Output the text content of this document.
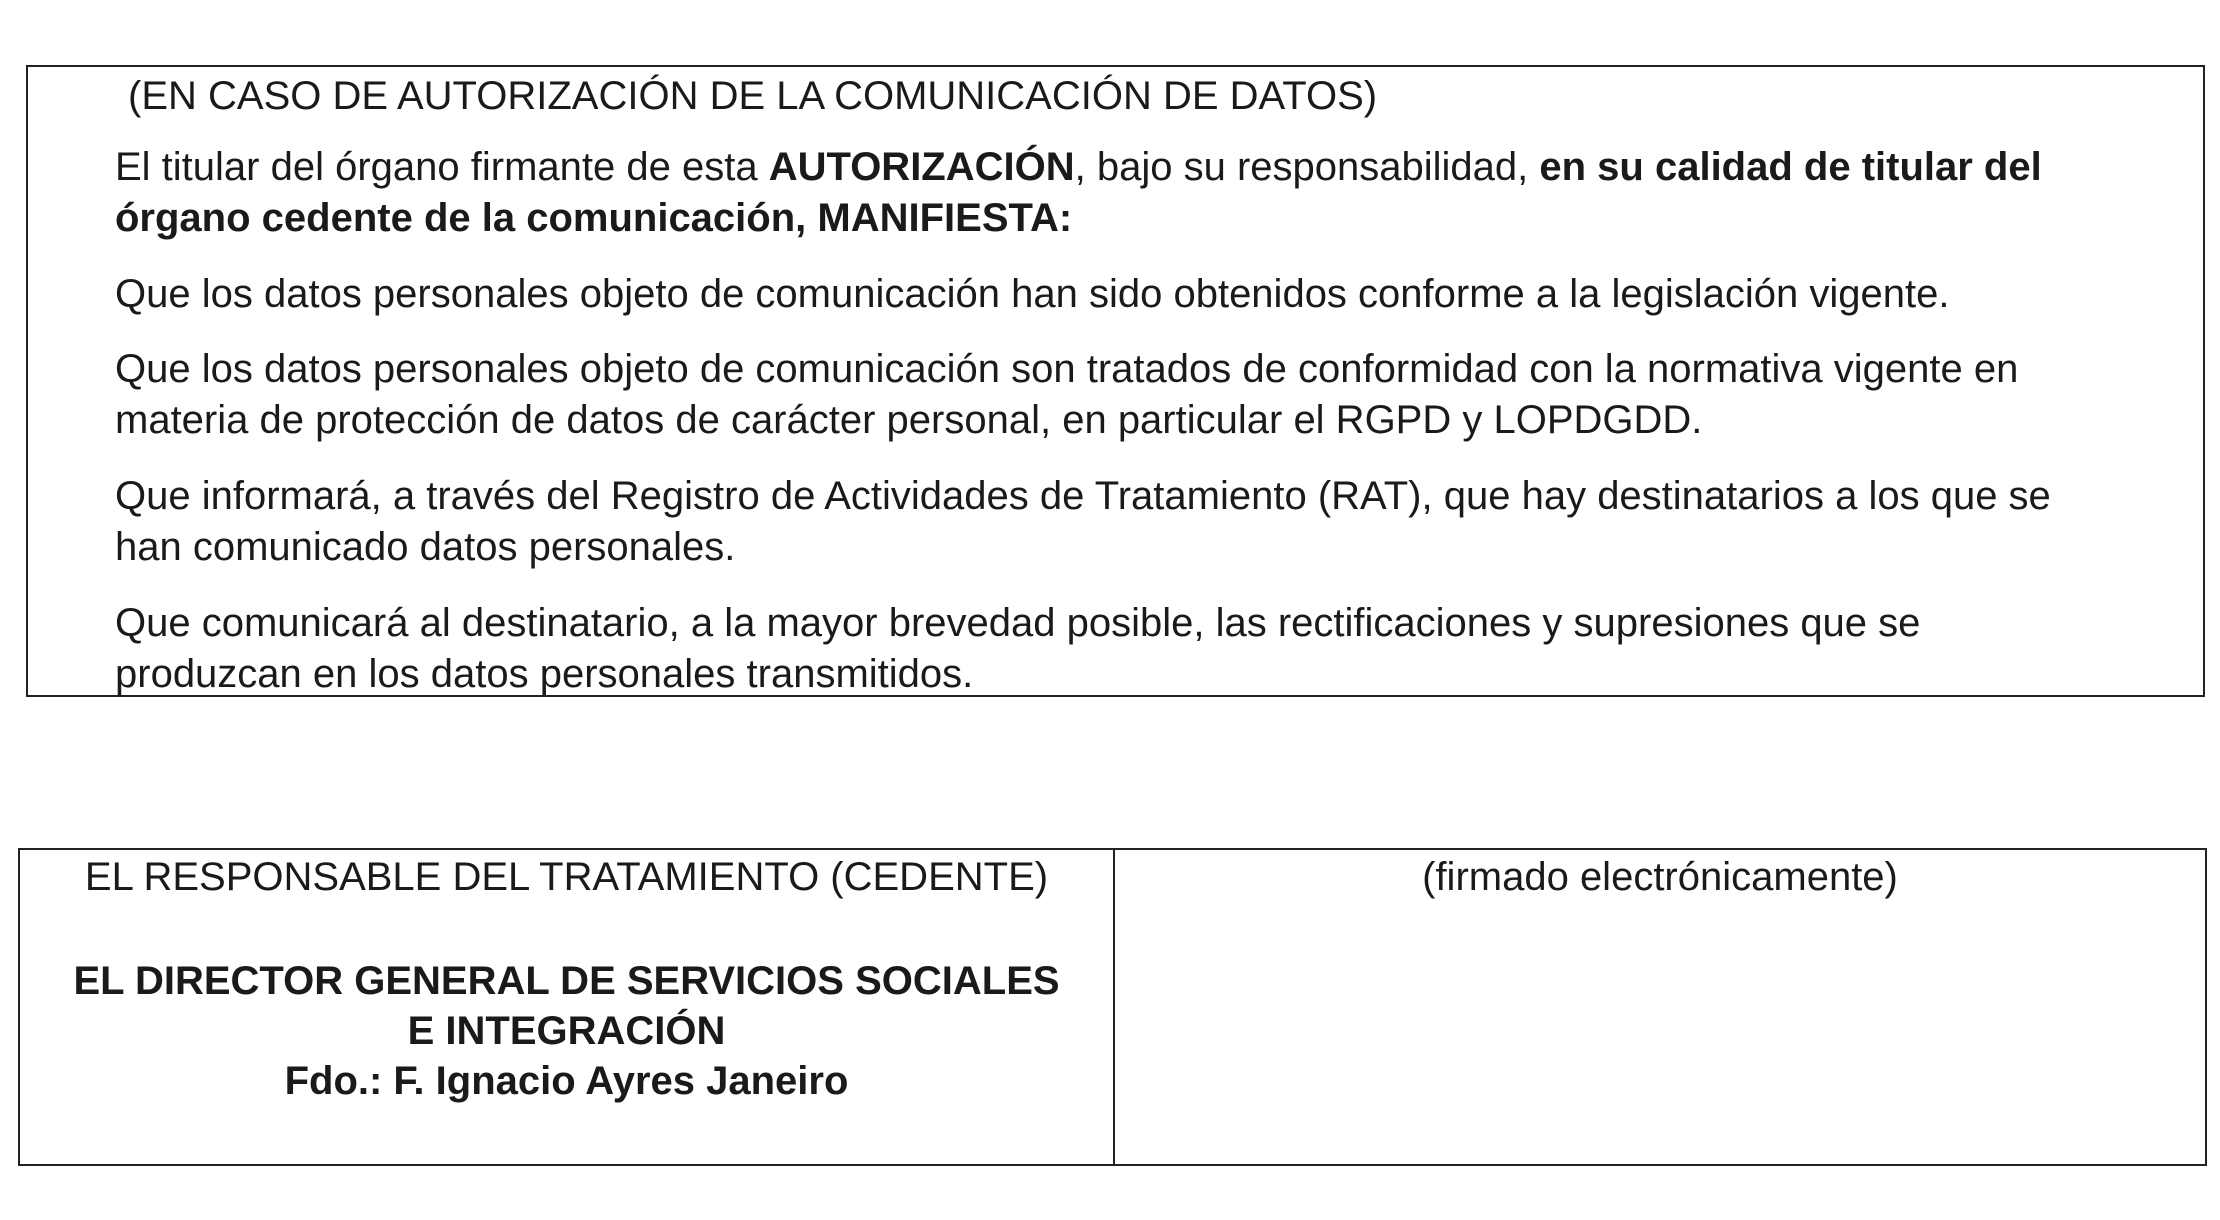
(EN CASO DE AUTORIZACIÓN DE LA COMUNICACIÓN DE DATOS)

El titular del órgano firmante de esta AUTORIZACIÓN, bajo su responsabilidad, en su calidad de titular del órgano cedente de la comunicación, MANIFIESTA:

Que los datos personales objeto de comunicación han sido obtenidos conforme a la legislación vigente.

Que los datos personales objeto de comunicación son tratados de conformidad con la normativa vigente en materia de protección de datos de carácter personal, en particular el RGPD y LOPDGDD.

Que informará, a través del Registro de Actividades de Tratamiento (RAT), que hay destinatarios a los que se han comunicado datos personales.

Que comunicará al destinatario, a la mayor brevedad posible, las rectificaciones y supresiones que se produzcan en los datos personales transmitidos.

EL RESPONSABLE DEL TRATAMIENTO (CEDENTE)
EL DIRECTOR GENERAL DE SERVICIOS SOCIALES
E INTEGRACIÓN
Fdo.: F. Ignacio Ayres Janeiro
(firmado electrónicamente)
